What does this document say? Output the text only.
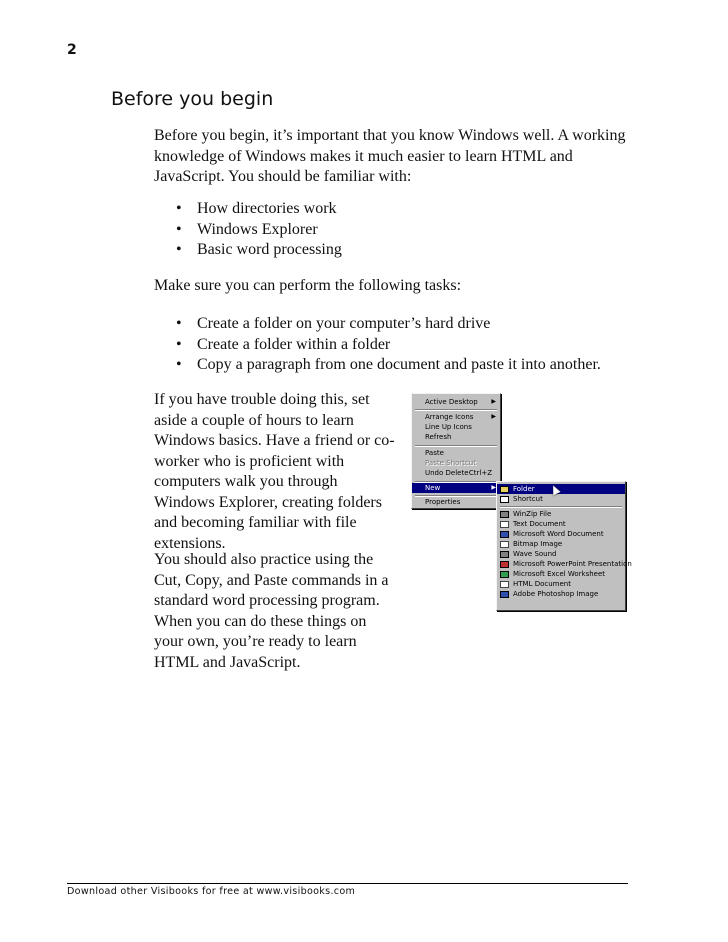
2
Before you begin

Before you begin, it’s important that you know Windows well. A working knowledge of Windows makes it much easier to learn HTML and JavaScript. You should be familiar with:

• How directories work
• Windows Explorer
• Basic word processing
Make sure you can perform the following tasks:
• Create a folder on your computer’s hard drive
• Create a folder within a folder
• Copy a paragraph from one document and paste it into another.

If you have trouble doing this, set aside a couple of hours to learn Windows basics. Have a friend or co-worker who is proficient with computers walk you through Windows Explorer, creating folders and becoming familiar with file extensions.

You should also practice using the Cut, Copy, and Paste commands in a standard word processing program. When you can do these things on your own, you’re ready to learn HTML and JavaScript.

Active Desktop ▶
Arrange Icons	▶
Line Up Icons
Refresh
Paste
Paste Shortcut
Undo Delete Ctrl+Z
New	▶
Properties
Folder
Shortcut
WinZip File
Text Document
Microsoft Word Document
Bitmap Image
Wave Sound
Microsoft PowerPoint Presentation
Microsoft Excel Worksheet
HTML Document
Adobe Photoshop Image
Download other Visibooks for free at www.visibooks.com
